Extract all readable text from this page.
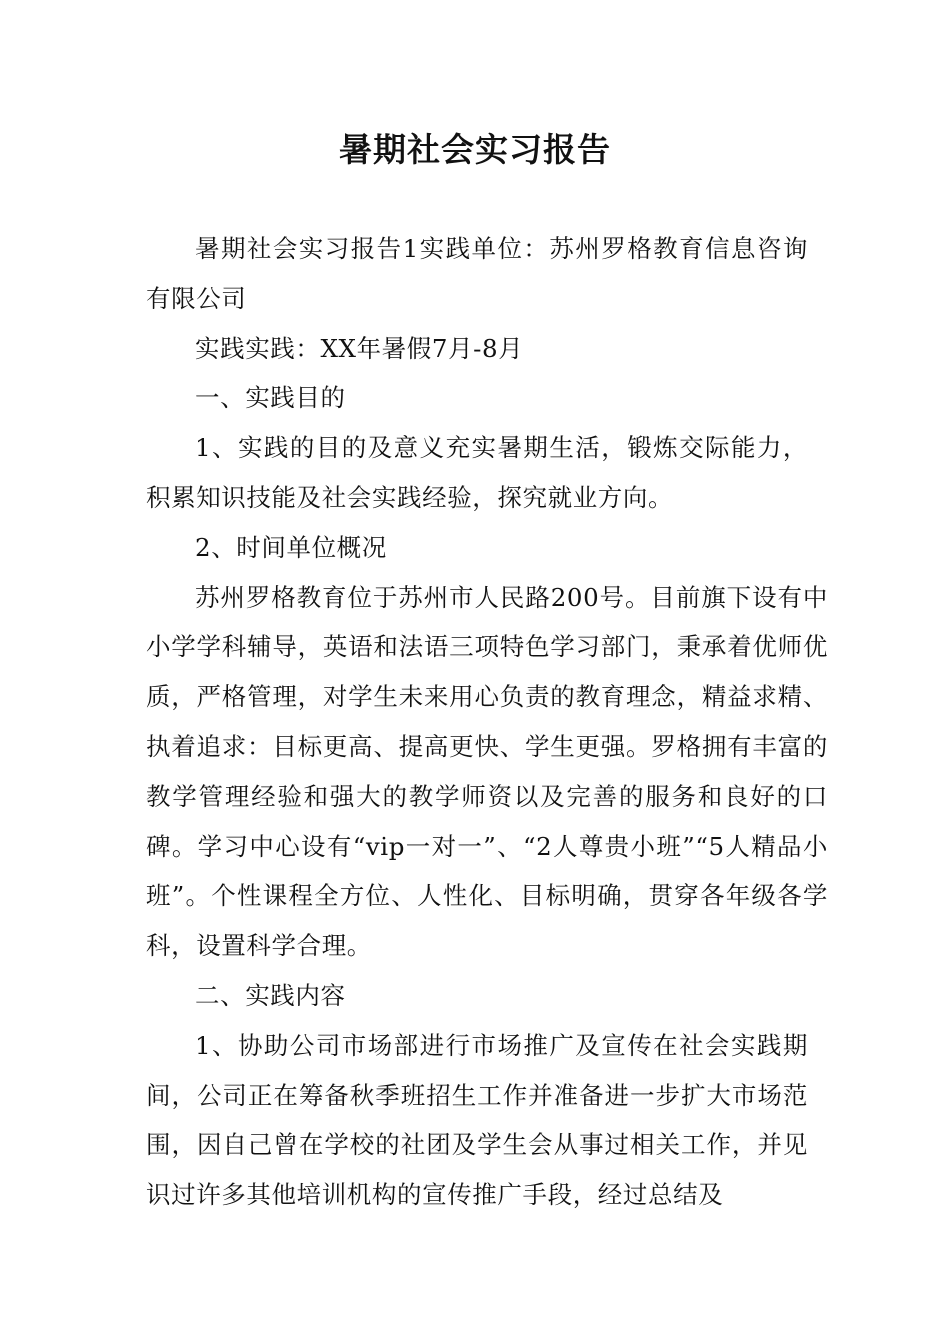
暑期社会实习报告

暑期社会实习报告1实践单位：苏州罗格教育信息咨询有限公司

实践实践：XX年暑假7月-8月

一、实践目的

1、实践的目的及意义充实暑期生活，锻炼交际能力，积累知识技能及社会实践经验，探究就业方向。

2、时间单位概况

苏州罗格教育位于苏州市人民路200号。目前旗下设有中小学学科辅导，英语和法语三项特色学习部门，秉承着优师优质，严格管理，对学生未来用心负责的教育理念，精益求精、执着追求：目标更高、提高更快、学生更强。罗格拥有丰富的教学管理经验和强大的教学师资以及完善的服务和良好的口碑。学习中心设有“vip一对一”、“2人尊贵小班”“5人精品小班”。个性课程全方位、人性化、目标明确，贯穿各年级各学科，设置科学合理。

二、实践内容

1、协助公司市场部进行市场推广及宣传在社会实践期间，公司正在筹备秋季班招生工作并准备进一步扩大市场范围，因自己曾在学校的社团及学生会从事过相关工作，并见识过许多其他培训机构的宣传推广手段，经过总结及
